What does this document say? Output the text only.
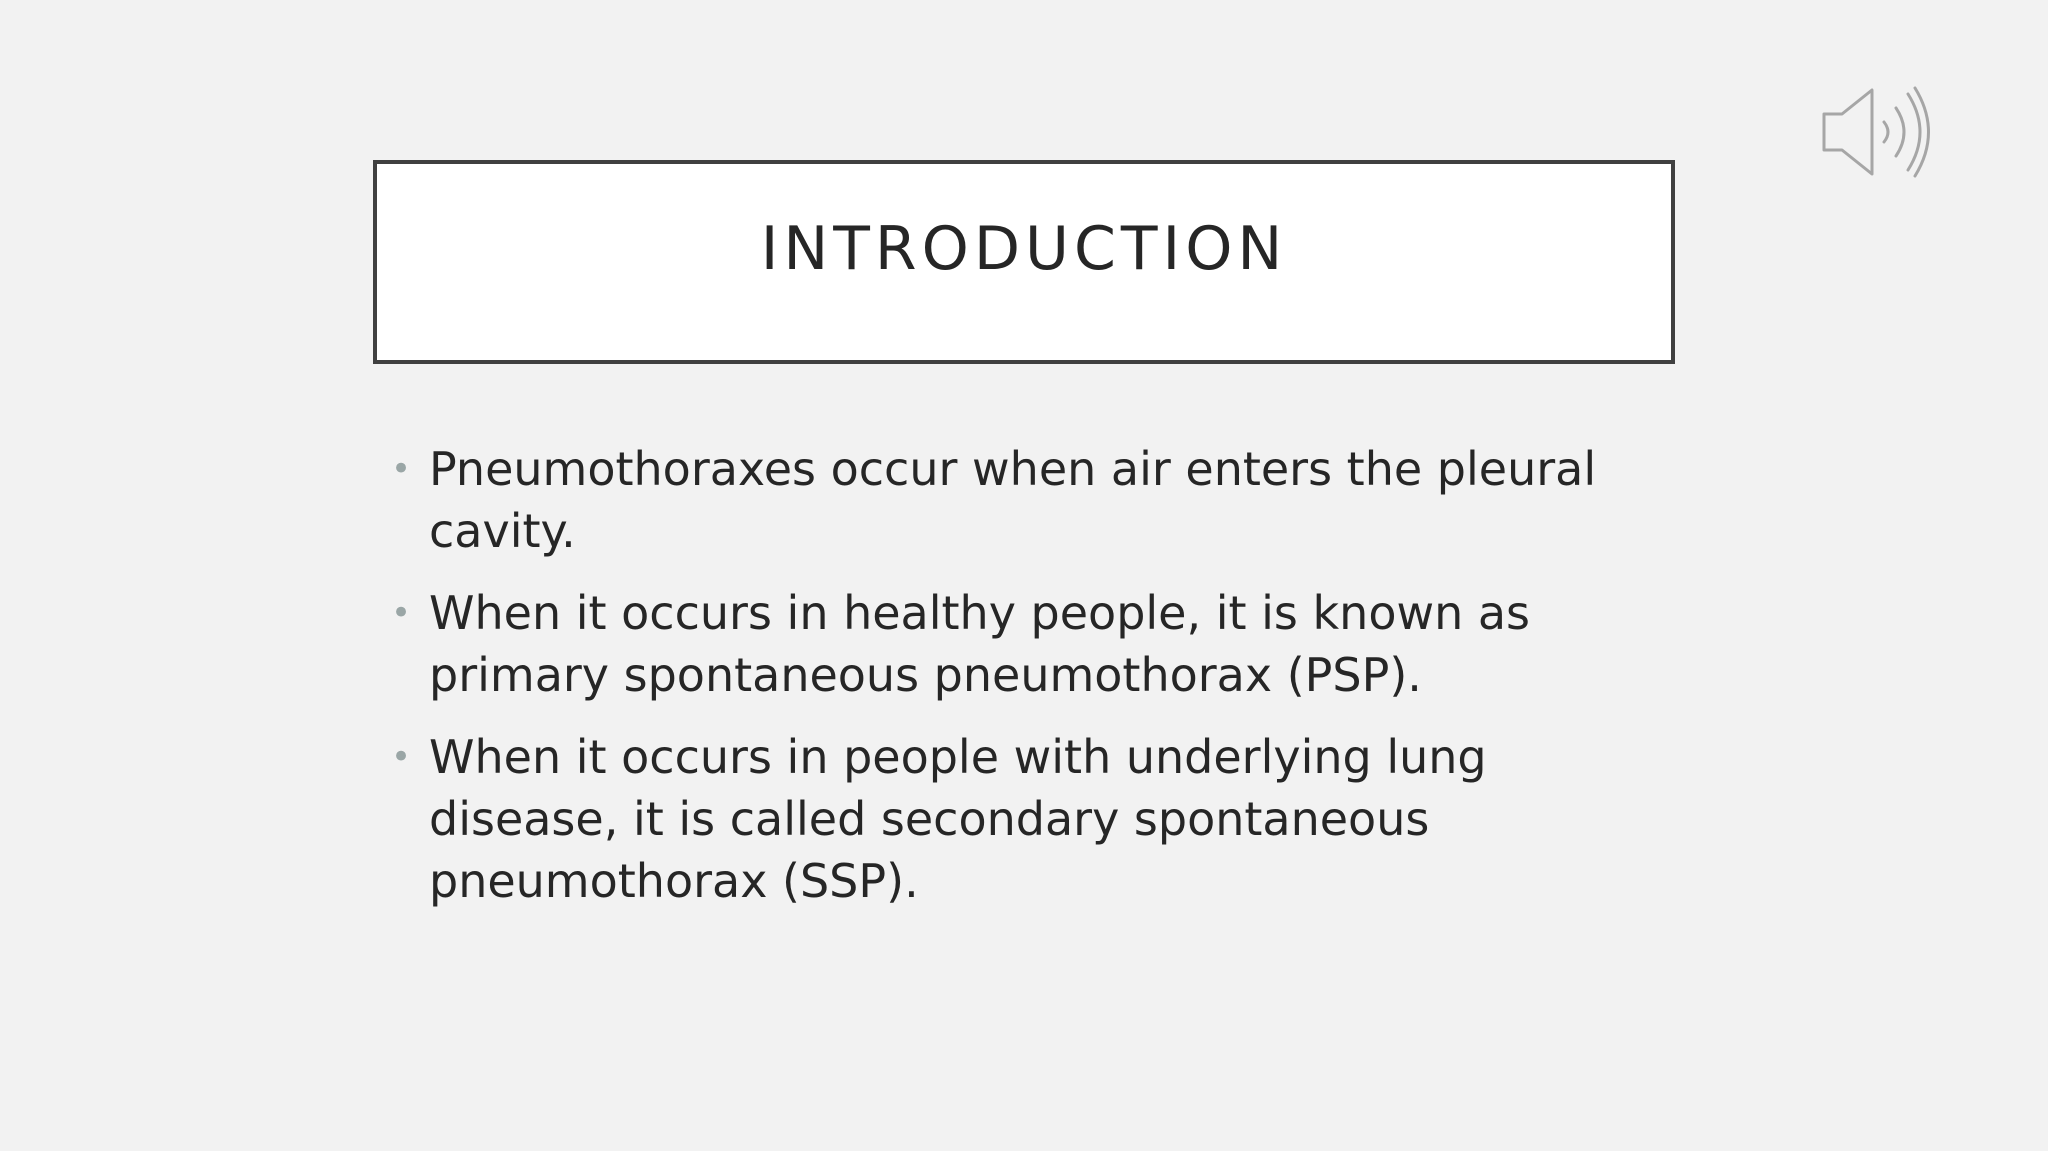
INTRODUCTION
• Pneumothoraxes occur when air enters the pleural cavity.
• When it occurs in healthy people, it is known as primary spontaneous pneumothorax (PSP).
• When it occurs in people with underlying lung disease, it is called secondary spontaneous pneumothorax (SSP).
